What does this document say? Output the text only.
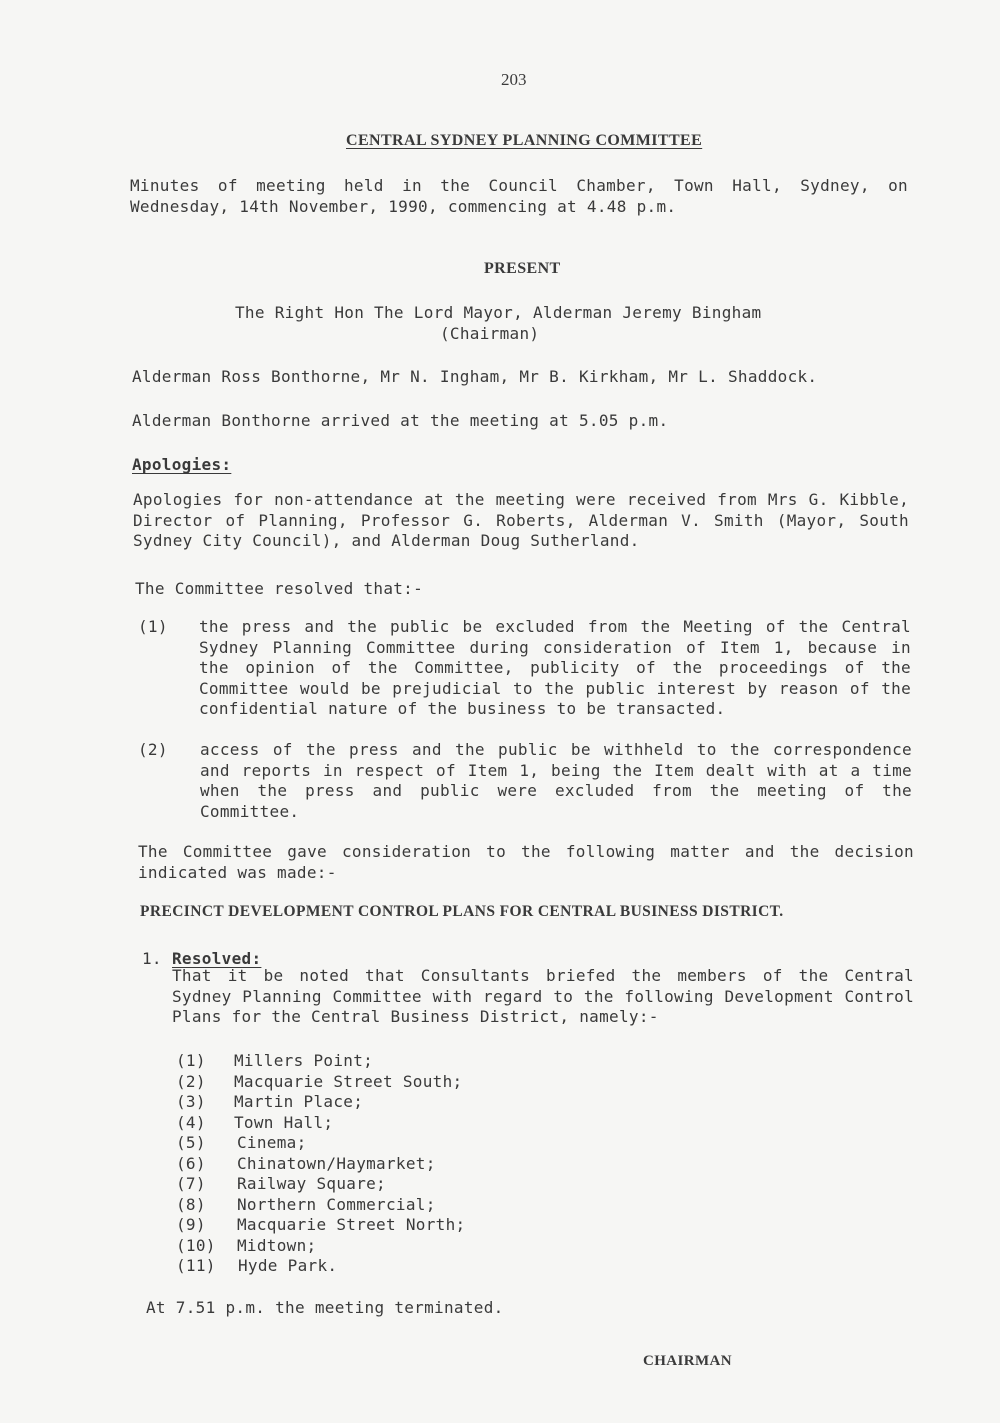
203
CENTRAL SYDNEY PLANNING COMMITTEE
Minutes of meeting held in the Council Chamber, Town Hall, Sydney, on Wednesday, 14th November, 1990, commencing at 4.48 p.m.
PRESENT
The Right Hon The Lord Mayor, Alderman Jeremy Bingham
(Chairman)
Alderman Ross Bonthorne, Mr N. Ingham, Mr B. Kirkham, Mr L. Shaddock.
Alderman Bonthorne arrived at the meeting at 5.05 p.m.
Apologies:
Apologies for non-attendance at the meeting were received from Mrs G. Kibble, Director of Planning, Professor G. Roberts, Alderman V. Smith (Mayor, South Sydney City Council), and Alderman Doug Sutherland.
The Committee resolved that:-
(1) the press and the public be excluded from the Meeting of the Central Sydney Planning Committee during consideration of Item 1, because in the opinion of the Committee, publicity of the proceedings of the Committee would be prejudicial to the public interest by reason of the confidential nature of the business to be transacted.
(2) access of the press and the public be withheld to the correspondence and reports in respect of Item 1, being the Item dealt with at a time when the press and public were excluded from the meeting of the Committee.
The Committee gave consideration to the following matter and the decision indicated was made:-
PRECINCT DEVELOPMENT CONTROL PLANS FOR CENTRAL BUSINESS DISTRICT.
1. Resolved:
That it be noted that Consultants briefed the members of the Central Sydney Planning Committee with regard to the following Development Control Plans for the Central Business District, namely:-
(1) Millers Point;
(2) Macquarie Street South;
(3) Martin Place;
(4) Town Hall;
(5) Cinema;
(6) Chinatown/Haymarket;
(7) Railway Square;
(8) Northern Commercial;
(9) Macquarie Street North;
(10) Midtown;
(11) Hyde Park.
At 7.51 p.m. the meeting terminated.
CHAIRMAN
